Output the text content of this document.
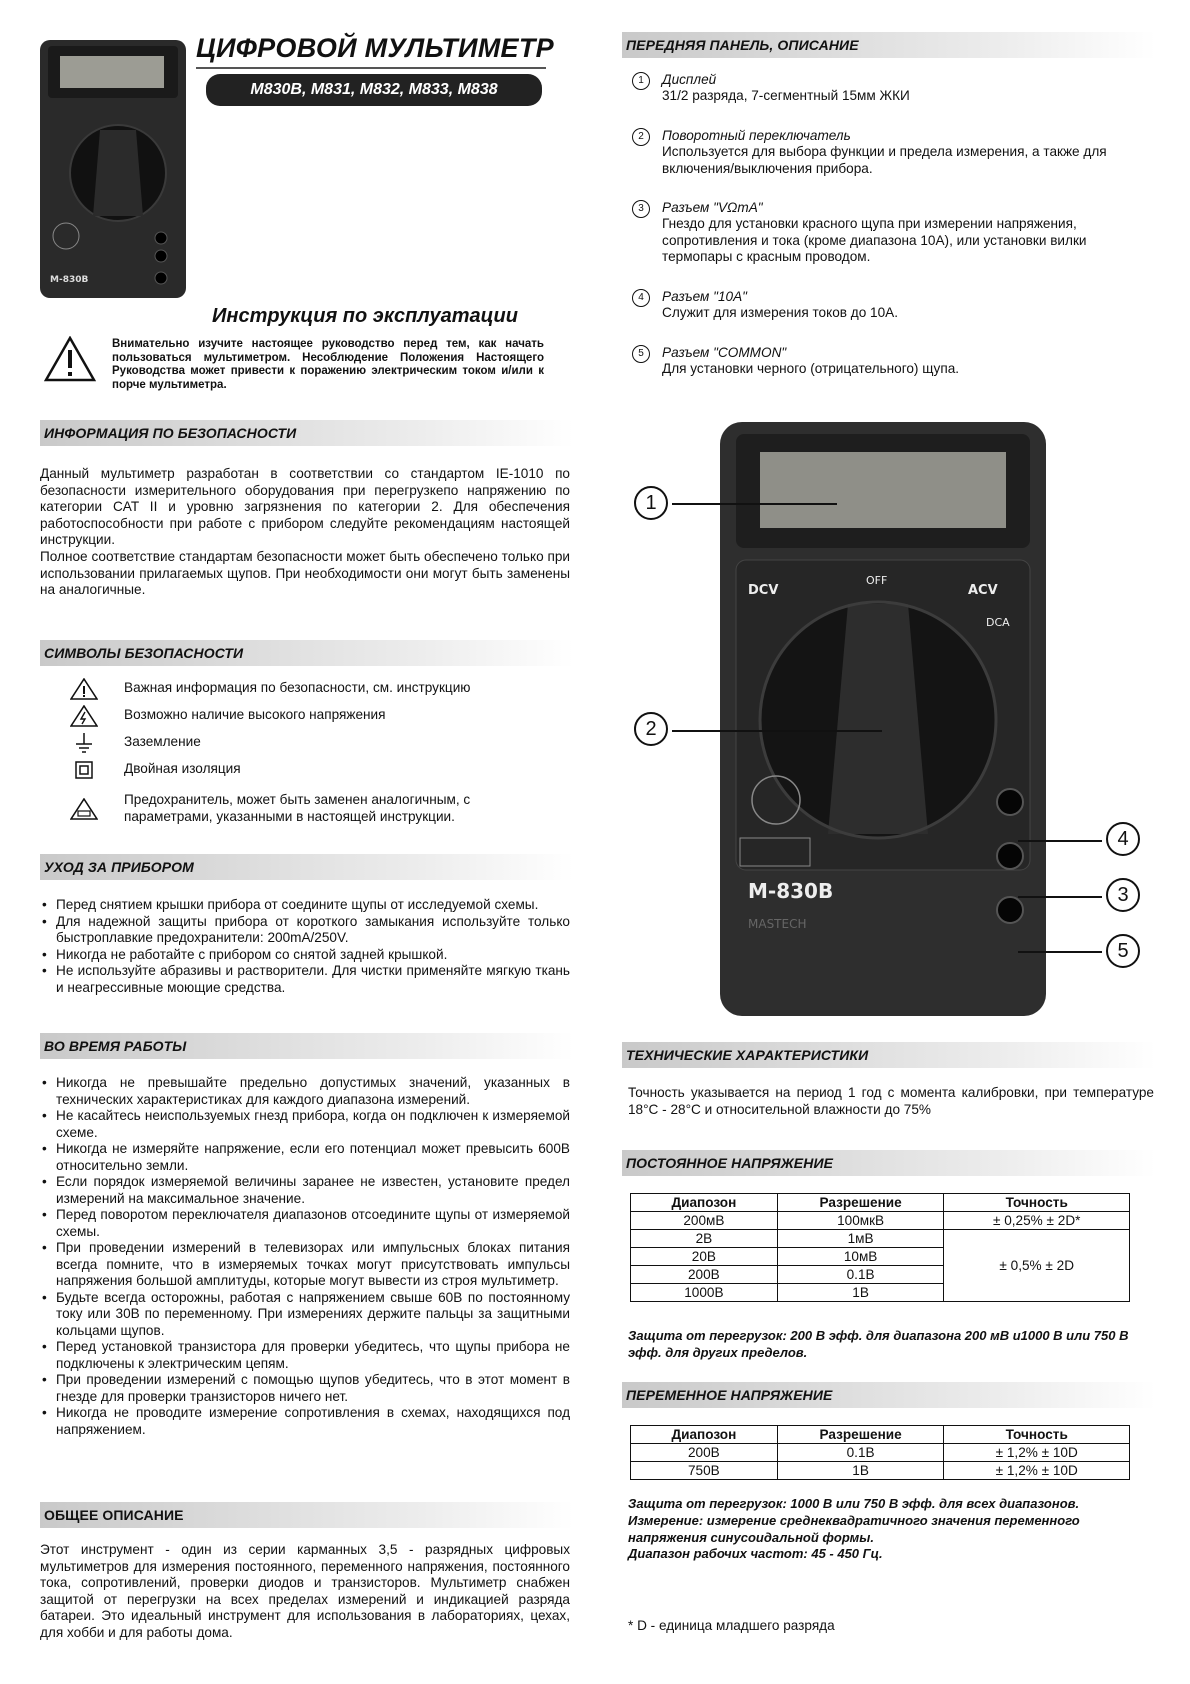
M-830B
ЦИФРОВОЙ МУЛЬТИМЕТР
M830B, M831, M832, M833, M838
Инструкция по эксплуатации
Внимательно изучите настоящее руководство перед тем, как начать пользоваться мультиметром. Несоблюдение Положения Настоящего Руководства может привести к поражению электрическим током и/или к порче мультиметра.
ИНФОРМАЦИЯ ПО БЕЗОПАСНОСТИ
Данный мультиметр разработан в соответствии со стандартом IE-1010 по безопасности измерительного оборудования при перегрузкепо напряжению по категории CAT II и уровню загрязнения по категории 2. Для обеспечения работоспособности при работе с прибором следуйте рекомендациям настоящей инструкции.
Полное соответствие стандартам безопасности может быть обеспечено только при использовании прилагаемых щупов. При необходимости они могут быть заменены на аналогичные.
СИМВОЛЫ БЕЗОПАСНОСТИ
Важная информация по безопасности, см. инструкцию
Возможно наличие высокого напряжения
Заземление
Двойная изоляция
Предохранитель, может быть заменен аналогичным, с параметрами, указанными в настоящей инструкции.
УХОД ЗА ПРИБОРОМ
• Перед снятием крышки прибора от соедините щупы от исследуемой схемы.
• Для надежной защиты прибора от короткого замыкания используйте только быстроплавкие предохранители: 200mA/250V.
• Никогда не работайте с прибором со снятой задней крышкой.
• Не используйте абразивы и растворители. Для чистки применяйте мягкую ткань и неагрессивные моющие средства.
ВО ВРЕМЯ РАБОТЫ
• Никогда не превышайте предельно допустимых значений, указанных в технических характеристиках для каждого диапазона измерений.
• Не касайтесь неиспользуемых гнезд прибора, когда он подключен к измеряемой схеме.
• Никогда не измеряйте напряжение, если его потенциал может превысить 600В относительно земли.
• Если порядок измеряемой величины заранее не известен, установите предел измерений на максимальное значение.
• Перед поворотом переключателя диапазонов отсоедините щупы от измеряемой схемы.
• При проведении измерений в телевизорах или импульсных блоках питания всегда помните, что в измеряемых точках могут присутствовать импульсы напряжения большой амплитуды, которые могут вывести из строя мультиметр.
• Будьте всегда осторожны, работая с напряжением свыше 60В по постоянному току или 30В по переменному. При измерениях держите пальцы за защитными кольцами щупов.
• Перед установкой транзистора для проверки убедитесь, что щупы прибора не подключены к электрическим цепям.
• При проведении измерений с помощью щупов убедитесь, что в этот момент в гнезде для проверки транзисторов ничего нет.
• Никогда не проводите измерение сопротивления в схемах, находящихся под напряжением.
ОБЩЕЕ ОПИСАНИЕ
Этот инструмент - один из серии карманных 3,5 - разрядных цифровых мультиметров для измерения постоянного, переменного напряжения, постоянного тока, сопротивлений, проверки диодов и транзисторов. Мультиметр снабжен защитой от перегрузки на всех пределах измерений и индикацией разряда батареи. Это идеальный инструмент для использования в лабораториях, цехах, для хобби и для работы дома.
ПЕРЕДНЯЯ ПАНЕЛЬ, ОПИСАНИЕ
1	Дисплей
31/2 разряда, 7-сегментный 15мм ЖКИ
2	Поворотный переключатель
Используется для выбора функции и предела измерения, а также для включения/выключения прибора.
3	Разъем "VΩmA"
Гнездо для установки красного щупа при измерении напряжения, сопротивления и тока (кроме диапазона 10А), или установки вилки термопары с красным проводом.
4	Разъем "10A"
Служит для измерения токов до 10А.
5	Разъем "COMMON"
Для установки черного (отрицательного) щупа.
DCV	ACV
OFF
DCA
M-830B
MASTECH
1
2
4
3
5
ТЕХНИЧЕСКИЕ ХАРАКТЕРИСТИКИ
Точность указывается на период 1 год с момента калибровки, при температуре 18°С - 28°С и относительной влажности до 75%
ПОСТОЯННОЕ НАПРЯЖЕНИЕ
Диапозон	Разрешение	Точность
200мВ	100мкВ	± 0,25% ± 2D*
2В	1мВ	± 0,5% ± 2D
20В	10мВ	
200В	0.1В	
1000В	1В	
Защита от перегрузок: 200 В эфф. для диапазона 200 мВ и1000 В или 750 В эфф. для других пределов.
ПЕРЕМЕННОЕ НАПРЯЖЕНИЕ
Диапозон	Разрешение	Точность
200В	0.1В	± 1,2% ± 10D
750В	1В	± 1,2% ± 10D
Защита от перегрузок: 1000 В или 750 В эфф. для всех диапазонов.
Измерение: измерение среднеквадратичного значения переменного напряжения синусоидальной формы.
Диапазон рабочих частот: 45 - 450 Гц.
* D - единица младшего разряда
